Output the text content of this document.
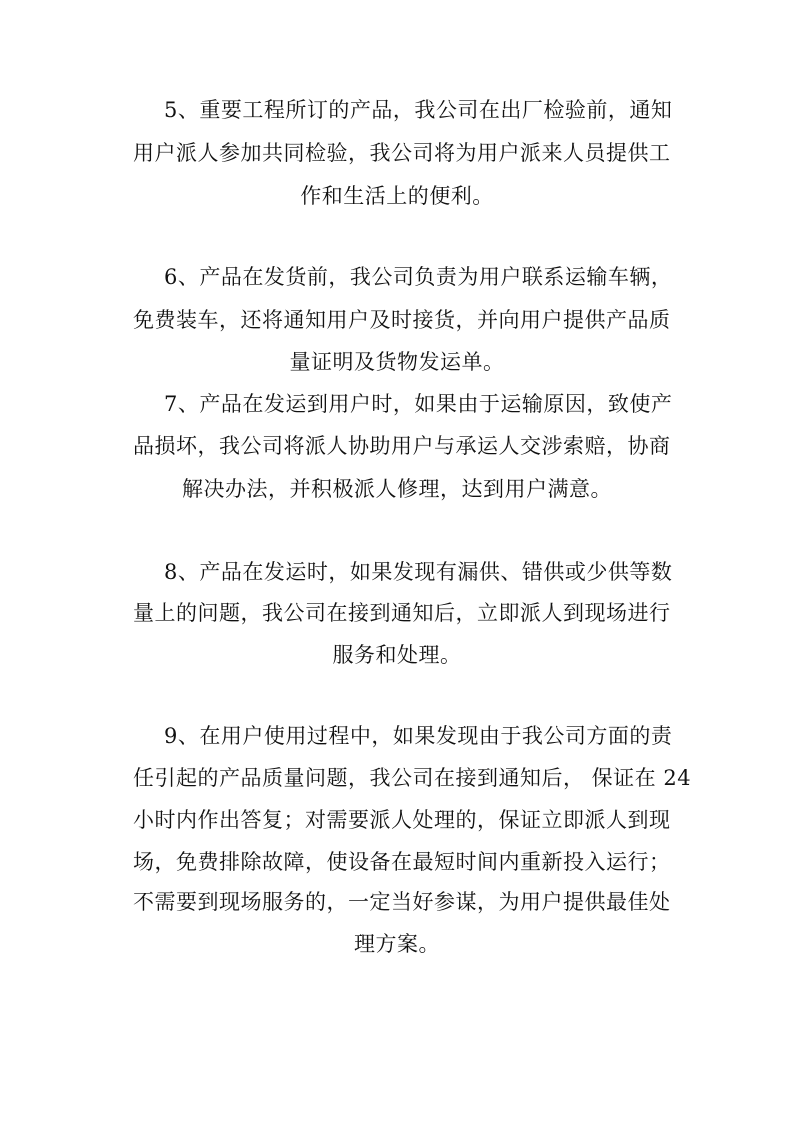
5、重要工程所订的产品，我公司在出厂检验前，通知
用户派人参加共同检验，我公司将为用户派来人员提供工
作和生活上的便利。
6、产品在发货前，我公司负责为用户联系运输车辆，
免费装车，还将通知用户及时接货，并向用户提供产品质
量证明及货物发运单。
7、产品在发运到用户时，如果由于运输原因，致使产
品损坏，我公司将派人协助用户与承运人交涉索赔，协商
解决办法，并积极派人修理，达到用户满意。
8、产品在发运时，如果发现有漏供、错供或少供等数
量上的问题，我公司在接到通知后，立即派人到现场进行
服务和处理。
9、在用户使用过程中，如果发现由于我公司方面的责
任引起的产品质量问题，我公司在接到通知后， 保证在 24
小时内作出答复；对需要派人处理的，保证立即派人到现
场，免费排除故障，使设备在最短时间内重新投入运行；
不需要到现场服务的，一定当好参谋，为用户提供最佳处
理方案。
